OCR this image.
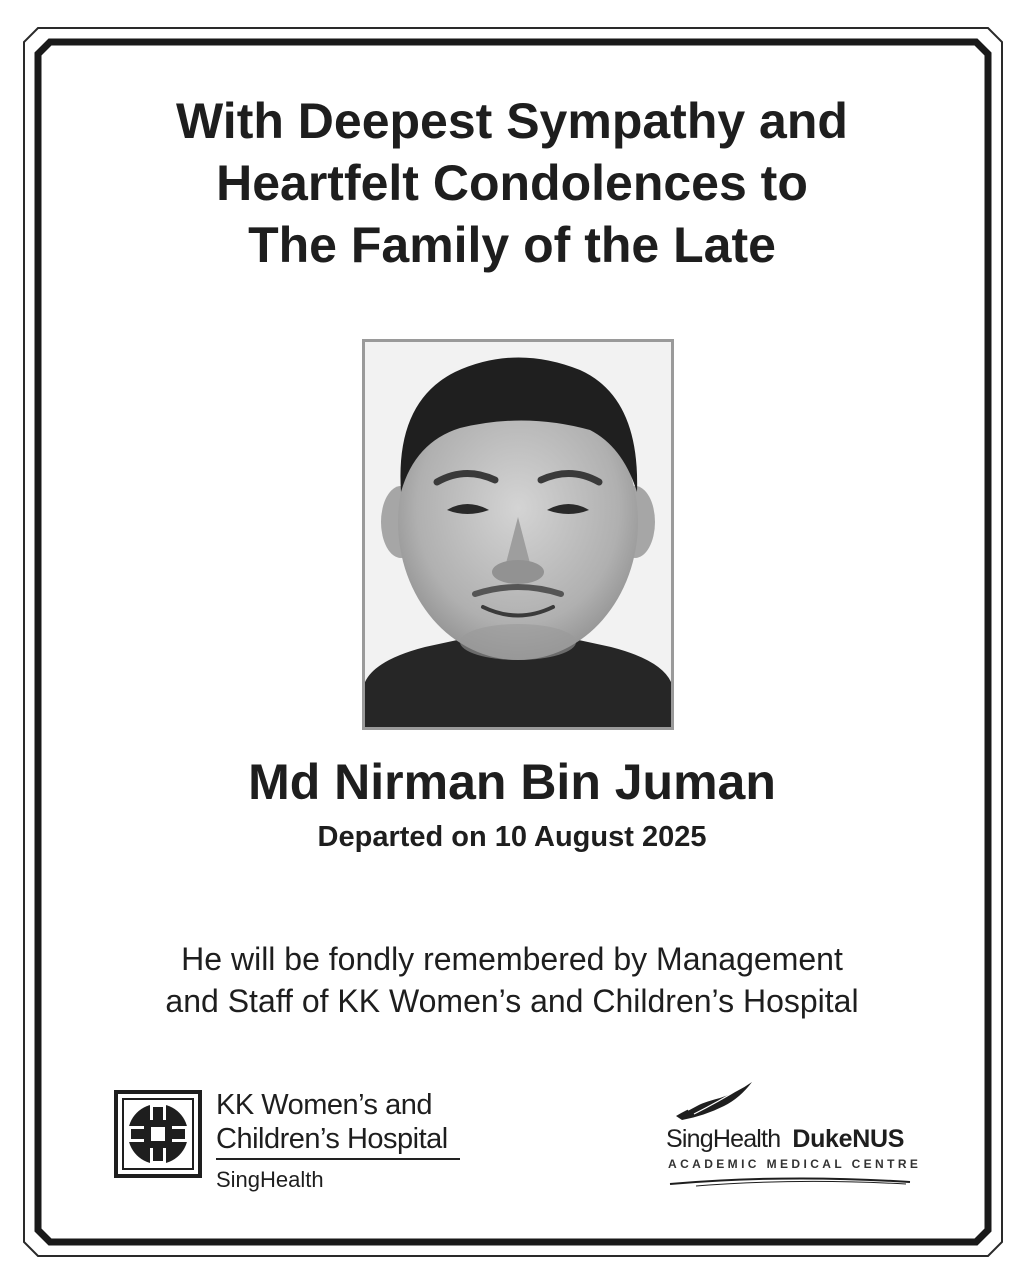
With Deepest Sympathy and
Heartfelt Condolences to
The Family of the Late
Md Nirman Bin Juman

Departed on 10 August 2025

He will be fondly remembered by Management
and Staff of KK Women’s and Children’s Hospital

KK Women’s and
Children’s Hospital
SingHealth
SingHealth DukeNUS
ACADEMIC MEDICAL CENTRE
